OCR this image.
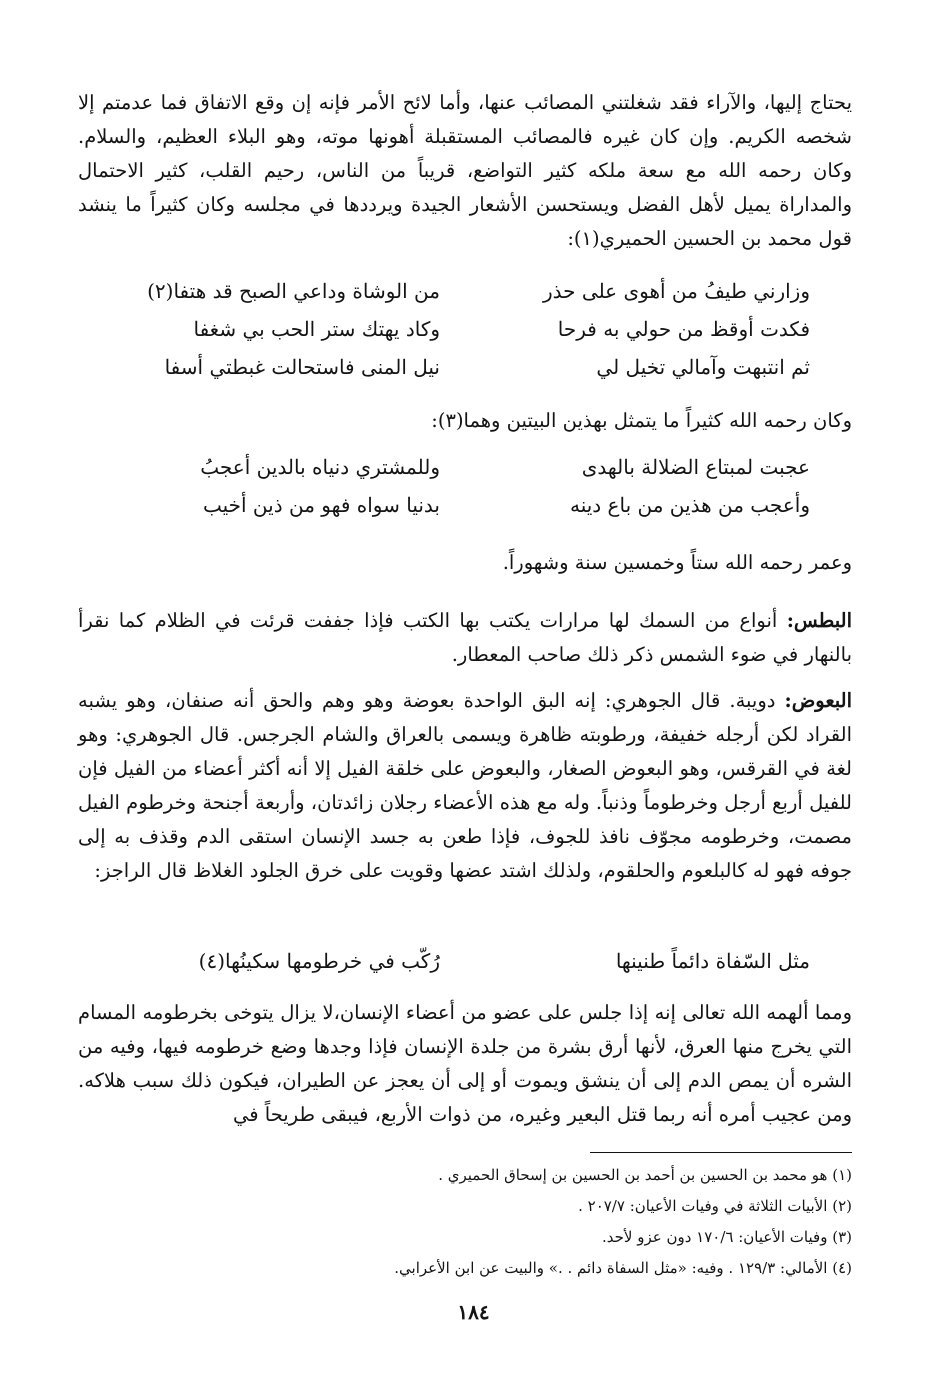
يحتاج إليها، والآراء فقد شغلتني المصائب عنها، وأما لائح الأمر فإنه إن وقع الاتفاق فما عدمتم إلا شخصه الكريم. وإن كان غيره فالمصائب المستقبلة أهونها موته، وهو البلاء العظيم، والسلام. وكان رحمه الله مع سعة ملكه كثير التواضع، قريباً من الناس، رحيم القلب، كثير الاحتمال والمداراة يميل لأهل الفضل ويستحسن الأشعار الجيدة ويرددها في مجلسه وكان كثيراً ما ينشد قول محمد بن الحسين الحميري(١):

وزارني طيفُ من أهوى على حذر
من الوشاة وداعي الصبح قد هتفا(٢)
فكدت أوقظ من حولي به فرحا
وكاد يهتك ستر الحب بي شغفا
ثم انتبهت وآمالي تخيل لي
نيل المنى فاستحالت غبطتي أسفا

وكان رحمه الله كثيراً ما يتمثل بهذين البيتين وهما(٣):

عجبت لمبتاع الضلالة بالهدى
وللمشتري دنياه بالدين أعجبُ
وأعجب من هذين من باع دينه
بدنيا سواه فهو من ذين أخيب

وعمر رحمه الله ستاً وخمسين سنة وشهوراً.

البطس: أنواع من السمك لها مرارات يكتب بها الكتب فإذا جففت قرئت في الظلام كما نقرأ بالنهار في ضوء الشمس ذكر ذلك صاحب المعطار.

البعوض: دويبة. قال الجوهري: إنه البق الواحدة بعوضة وهو وهم والحق أنه صنفان، وهو يشبه القراد لكن أرجله خفيفة، ورطوبته ظاهرة ويسمى بالعراق والشام الجرجس. قال الجوهري: وهو لغة في القرقس، وهو البعوض الصغار، والبعوض على خلقة الفيل إلا أنه أكثر أعضاء من الفيل فإن للفيل أربع أرجل وخرطوماً وذنباً. وله مع هذه الأعضاء رجلان زائدتان، وأربعة أجنحة وخرطوم الفيل مصمت، وخرطومه مجوّف نافذ للجوف، فإذا طعن به جسد الإنسان استقى الدم وقذف به إلى جوفه فهو له كالبلعوم والحلقوم، ولذلك اشتد عضها وقويت على خرق الجلود الغلاظ قال الراجز:

مثل السّفاة دائماً طنينها
رُكّب في خرطومها سكينُها(٤)

ومما ألهمه الله تعالى إنه إذا جلس على عضو من أعضاء الإنسان،لا يزال يتوخى بخرطومه المسام التي يخرج منها العرق، لأنها أرق بشرة من جلدة الإنسان فإذا وجدها وضع خرطومه فيها، وفيه من الشره أن يمص الدم إلى أن ينشق ويموت أو إلى أن يعجز عن الطيران، فيكون ذلك سبب هلاكه. ومن عجيب أمره أنه ربما قتل البعير وغيره، من ذوات الأربع، فيبقى طريحاً في

(١) هو محمد بن الحسين بن أحمد بن الحسين بن إسحاق الحميري .
(٢) الأبيات الثلاثة في وفيات الأعيان: ٢٠٧/٧ .
(٣) وفيات الأعيان: ١٧٠/٦ دون عزو لأحد.
(٤) الأمالي: ١٢٩/٣ . وفيه: «مثل السفاة دائم . .» والبيت عن ابن الأعرابي.
١٨٤
